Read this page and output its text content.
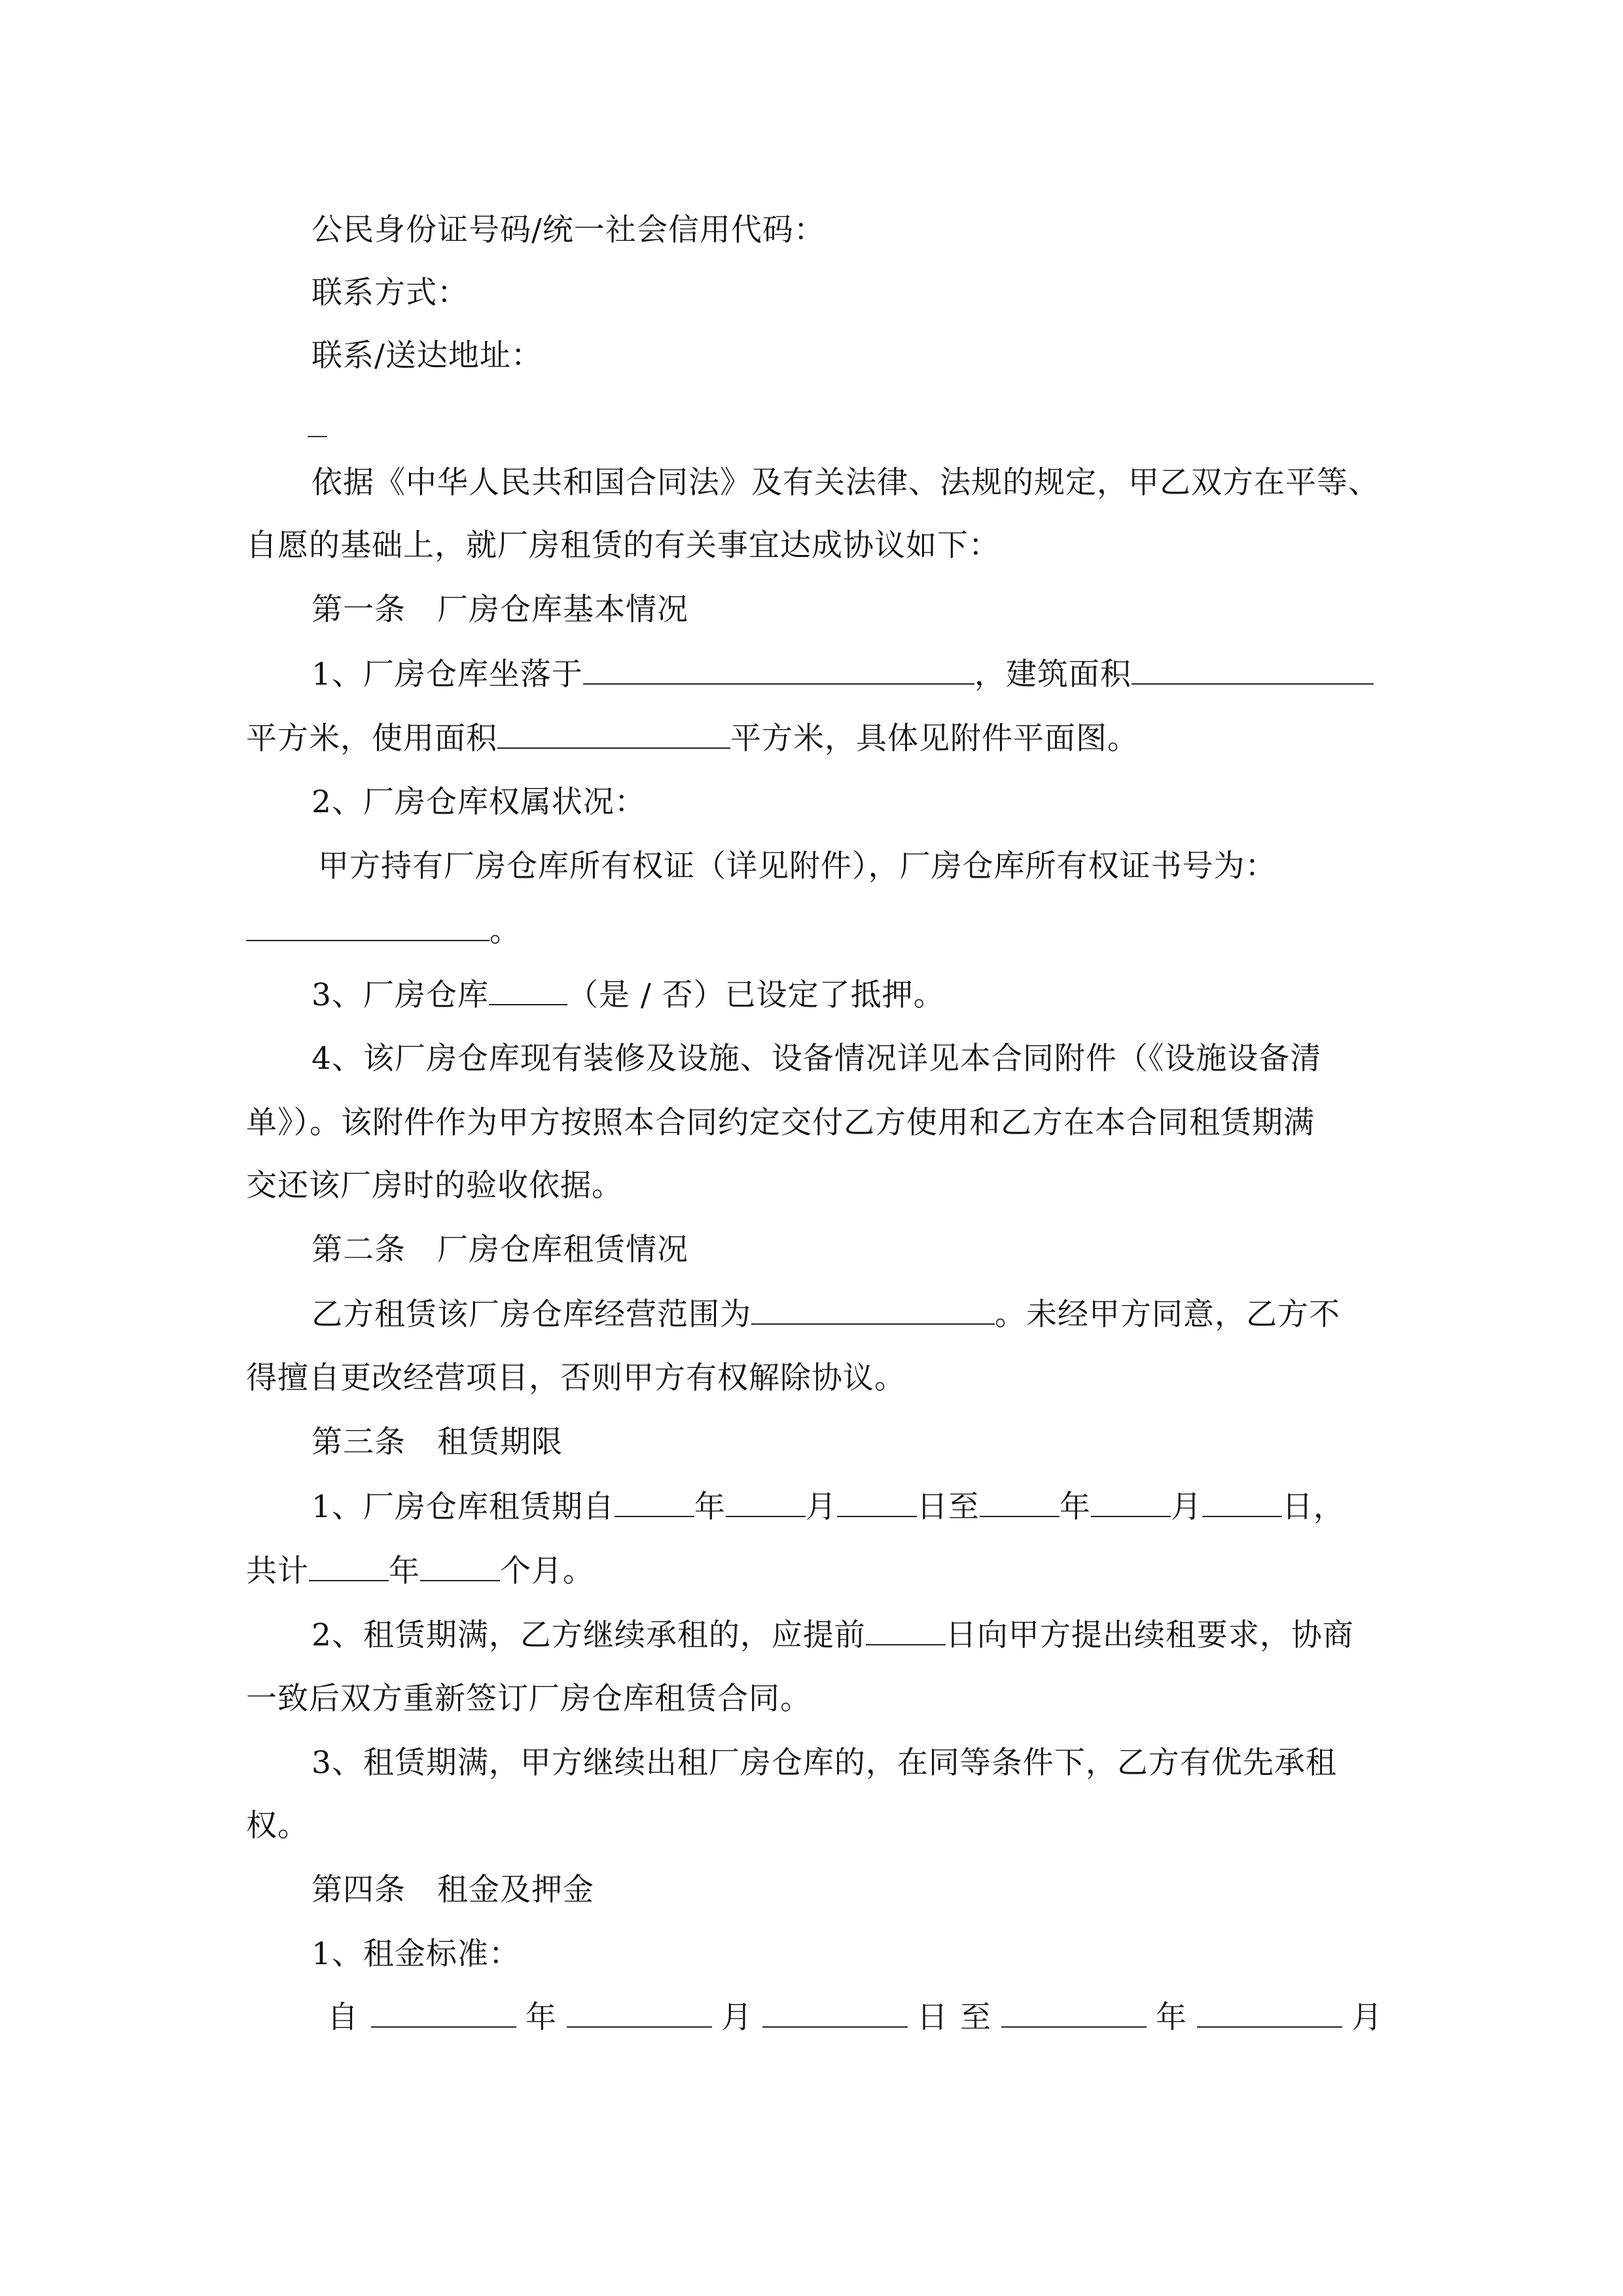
公民身份证号码/统一社会信用代码：
联系方式：
联系/送达地址：
依据《中华人民共和国合同法》及有关法律、法规的规定，甲乙双方在平等、
自愿的基础上，就厂房租赁的有关事宜达成协议如下：
第一条　厂房仓库基本情况
1、厂房仓库坐落于	，建筑面积
平方米，使用面积	平方米，具体见附件平面图。
2、厂房仓库权属状况：
甲方持有厂房仓库所有权证（详见附件），厂房仓库所有权证书号为：
。
3、厂房仓库	（是 / 否）已设定了抵押。
4、该厂房仓库现有装修及设施、设备情况详见本合同附件（《设施设备清
单》）。该附件作为甲方按照本合同约定交付乙方使用和乙方在本合同租赁期满
交还该厂房时的验收依据。
第二条　厂房仓库租赁情况
乙方租赁该厂房仓库经营范围为	。未经甲方同意，乙方不
得擅自更改经营项目，否则甲方有权解除协议。
第三条　租赁期限
1、厂房仓库租赁期自	年	月	日至	年	月	日，
共计	年	个月。
2、租赁期满，乙方继续承租的，应提前	日向甲方提出续租要求，协商
一致后双方重新签订厂房仓库租赁合同。
3、租赁期满，甲方继续出租厂房仓库的，在同等条件下，乙方有优先承租
权。
第四条　租金及押金
1、租金标准：
自	年	月	日 至	年	月
